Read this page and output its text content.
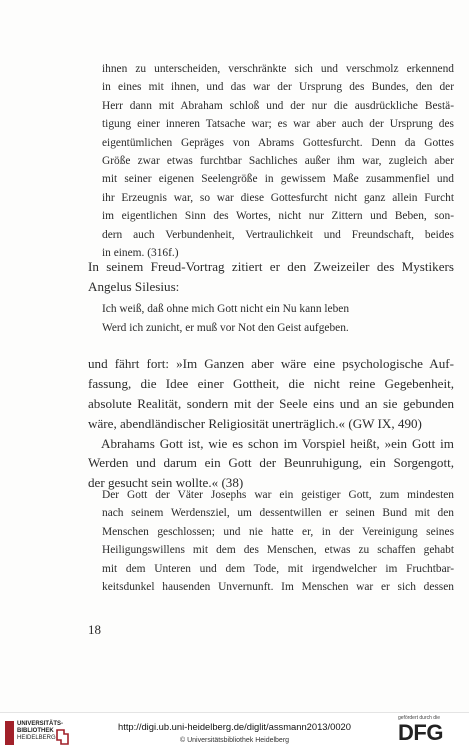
ihnen zu unterscheiden, verschränkte sich und verschmolz erkennend
in eines mit ihnen, und das war der Ursprung des Bundes, den der
Herr dann mit Abraham schloß und der nur die ausdrückliche Bestä-
tigung einer inneren Tatsache war; es war aber auch der Ursprung des
eigentümlichen Gepräges von Abrams Gottesfurcht. Denn da Gottes
Größe zwar etwas furchtbar Sachliches außer ihm war, zugleich aber
mit seiner eigenen Seelengröße in gewissem Maße zusammenfiel und
ihr Erzeugnis war, so war diese Gottesfurcht nicht ganz allein Furcht
im eigentlichen Sinn des Wortes, nicht nur Zittern und Beben, son-
dern auch Verbundenheit, Vertraulichkeit und Freundschaft, beides
in einem. (316f.)
In seinem Freud-Vortrag zitiert er den Zweizeiler des Mystikers
Angelus Silesius:
Ich weiß, daß ohne mich Gott nicht ein Nu kann leben
Werd ich zunicht, er muß vor Not den Geist aufgeben.
und fährt fort: »Im Ganzen aber wäre eine psychologische Auf-
fassung, die Idee einer Gottheit, die nicht reine Gegebenheit,
absolute Realität, sondern mit der Seele eins und an sie gebunden
wäre, abendländischer Religiosität unerträglich.« (GW IX, 490)
Abrahams Gott ist, wie es schon im Vorspiel heißt, »ein Gott im
Werden und darum ein Gott der Beunruhigung, ein Sorgengott,
der gesucht sein wollte.« (38)
Der Gott der Väter Josephs war ein geistiger Gott, zum mindesten
nach seinem Werdensziel, um dessentwillen er seinen Bund mit den
Menschen geschlossen; und nie hatte er, in der Vereinigung seines
Heiligungswillens mit dem des Menschen, etwas zu schaffen gehabt
mit dem Unteren und dem Tode, mit irgendwelcher im Fruchtbar-
keitsdunkel hausenden Unvernunft. Im Menschen war er sich dessen
18
UNIVERSITÄTS-
BIBLIOTHEK
HEIDELBERG
http://digi.ub.uni-heidelberg.de/diglit/assmann2013/0020
© Universitätsbibliothek Heidelberg
gefördert durch die
DFG
